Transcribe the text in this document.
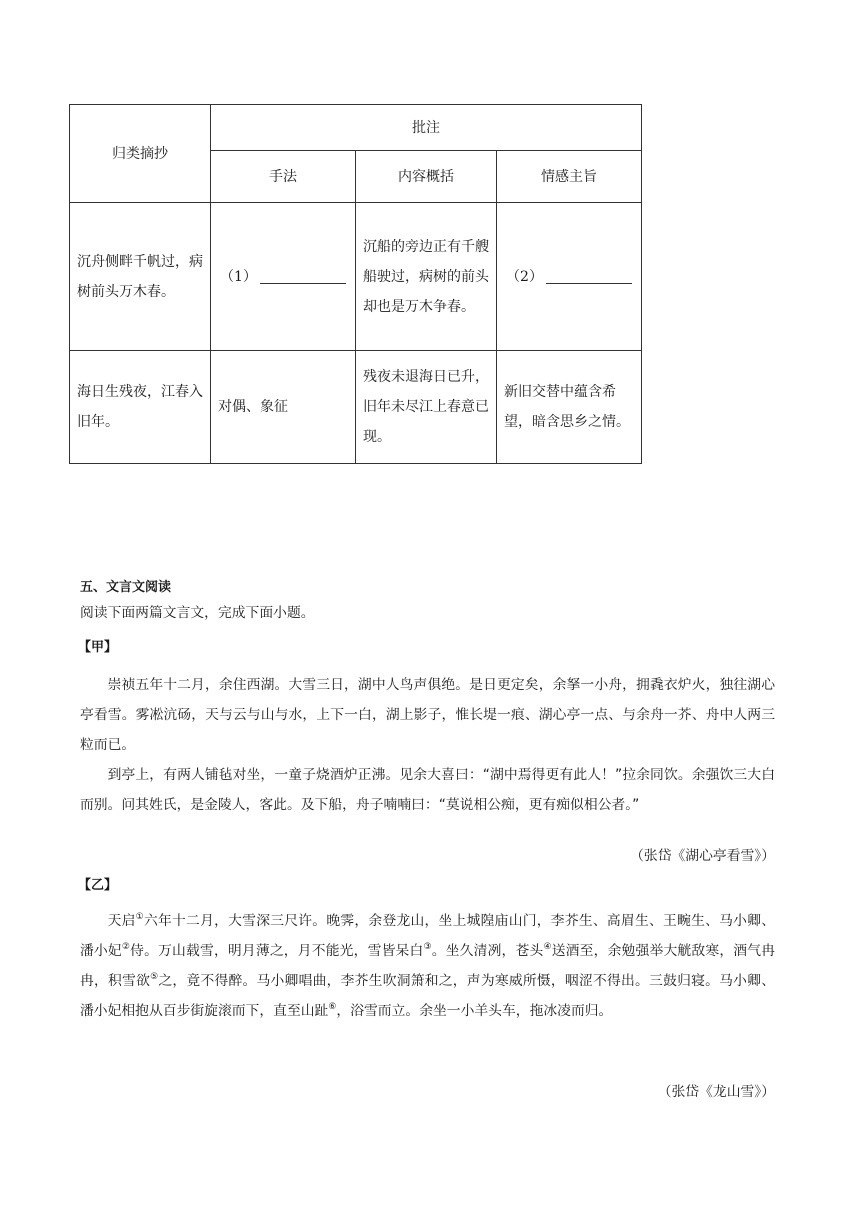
归类摘抄	批注		
	手法	内容概括	情感主旨
沉舟侧畔千帆过，病树前头万木春。	（1）	沉船的旁边正有千艘船驶过，病树的前头却也是万木争春。	（2）
海日生残夜，江春入旧年。	对偶、象征	残夜未退海日已升，旧年未尽江上春意已现。	新旧交替中蕴含希望，暗含思乡之情。
五、文言文阅读
阅读下面两篇文言文，完成下面小题。
【甲】

崇祯五年十二月，余住西湖。大雪三日，湖中人鸟声俱绝。是日更定矣，余拏一小舟，拥毳衣炉火，独往湖心亭看雪。雾凇沆砀，天与云与山与水，上下一白，湖上影子，惟长堤一痕、湖心亭一点、与余舟一芥、舟中人两三粒而已。

到亭上，有两人铺毡对坐，一童子烧酒炉正沸。见余大喜曰：“湖中焉得更有此人！”拉余同饮。余强饮三大白而别。问其姓氏，是金陵人，客此。及下船，舟子喃喃曰：“莫说相公痴，更有痴似相公者。”

（张岱《湖心亭看雪》）
【乙】

天启①六年十二月，大雪深三尺许。晚霁，余登龙山，坐上城隍庙山门，李芥生、高眉生、王畹生、马小卿、潘小妃②侍。万山载雪，明月薄之，月不能光，雪皆呆白③。坐久清冽，苍头④送酒至，余勉强举大觥敌寒，酒气冉冉，积雪欲⑤之，竟不得醉。马小卿唱曲，李芥生吹洞箫和之，声为寒威所慑，咽涩不得出。三鼓归寝。马小卿、潘小妃相抱从百步街旋滚而下，直至山趾⑥，浴雪而立。余坐一小羊头车，拖冰凌而归。

（张岱《龙山雪》）
